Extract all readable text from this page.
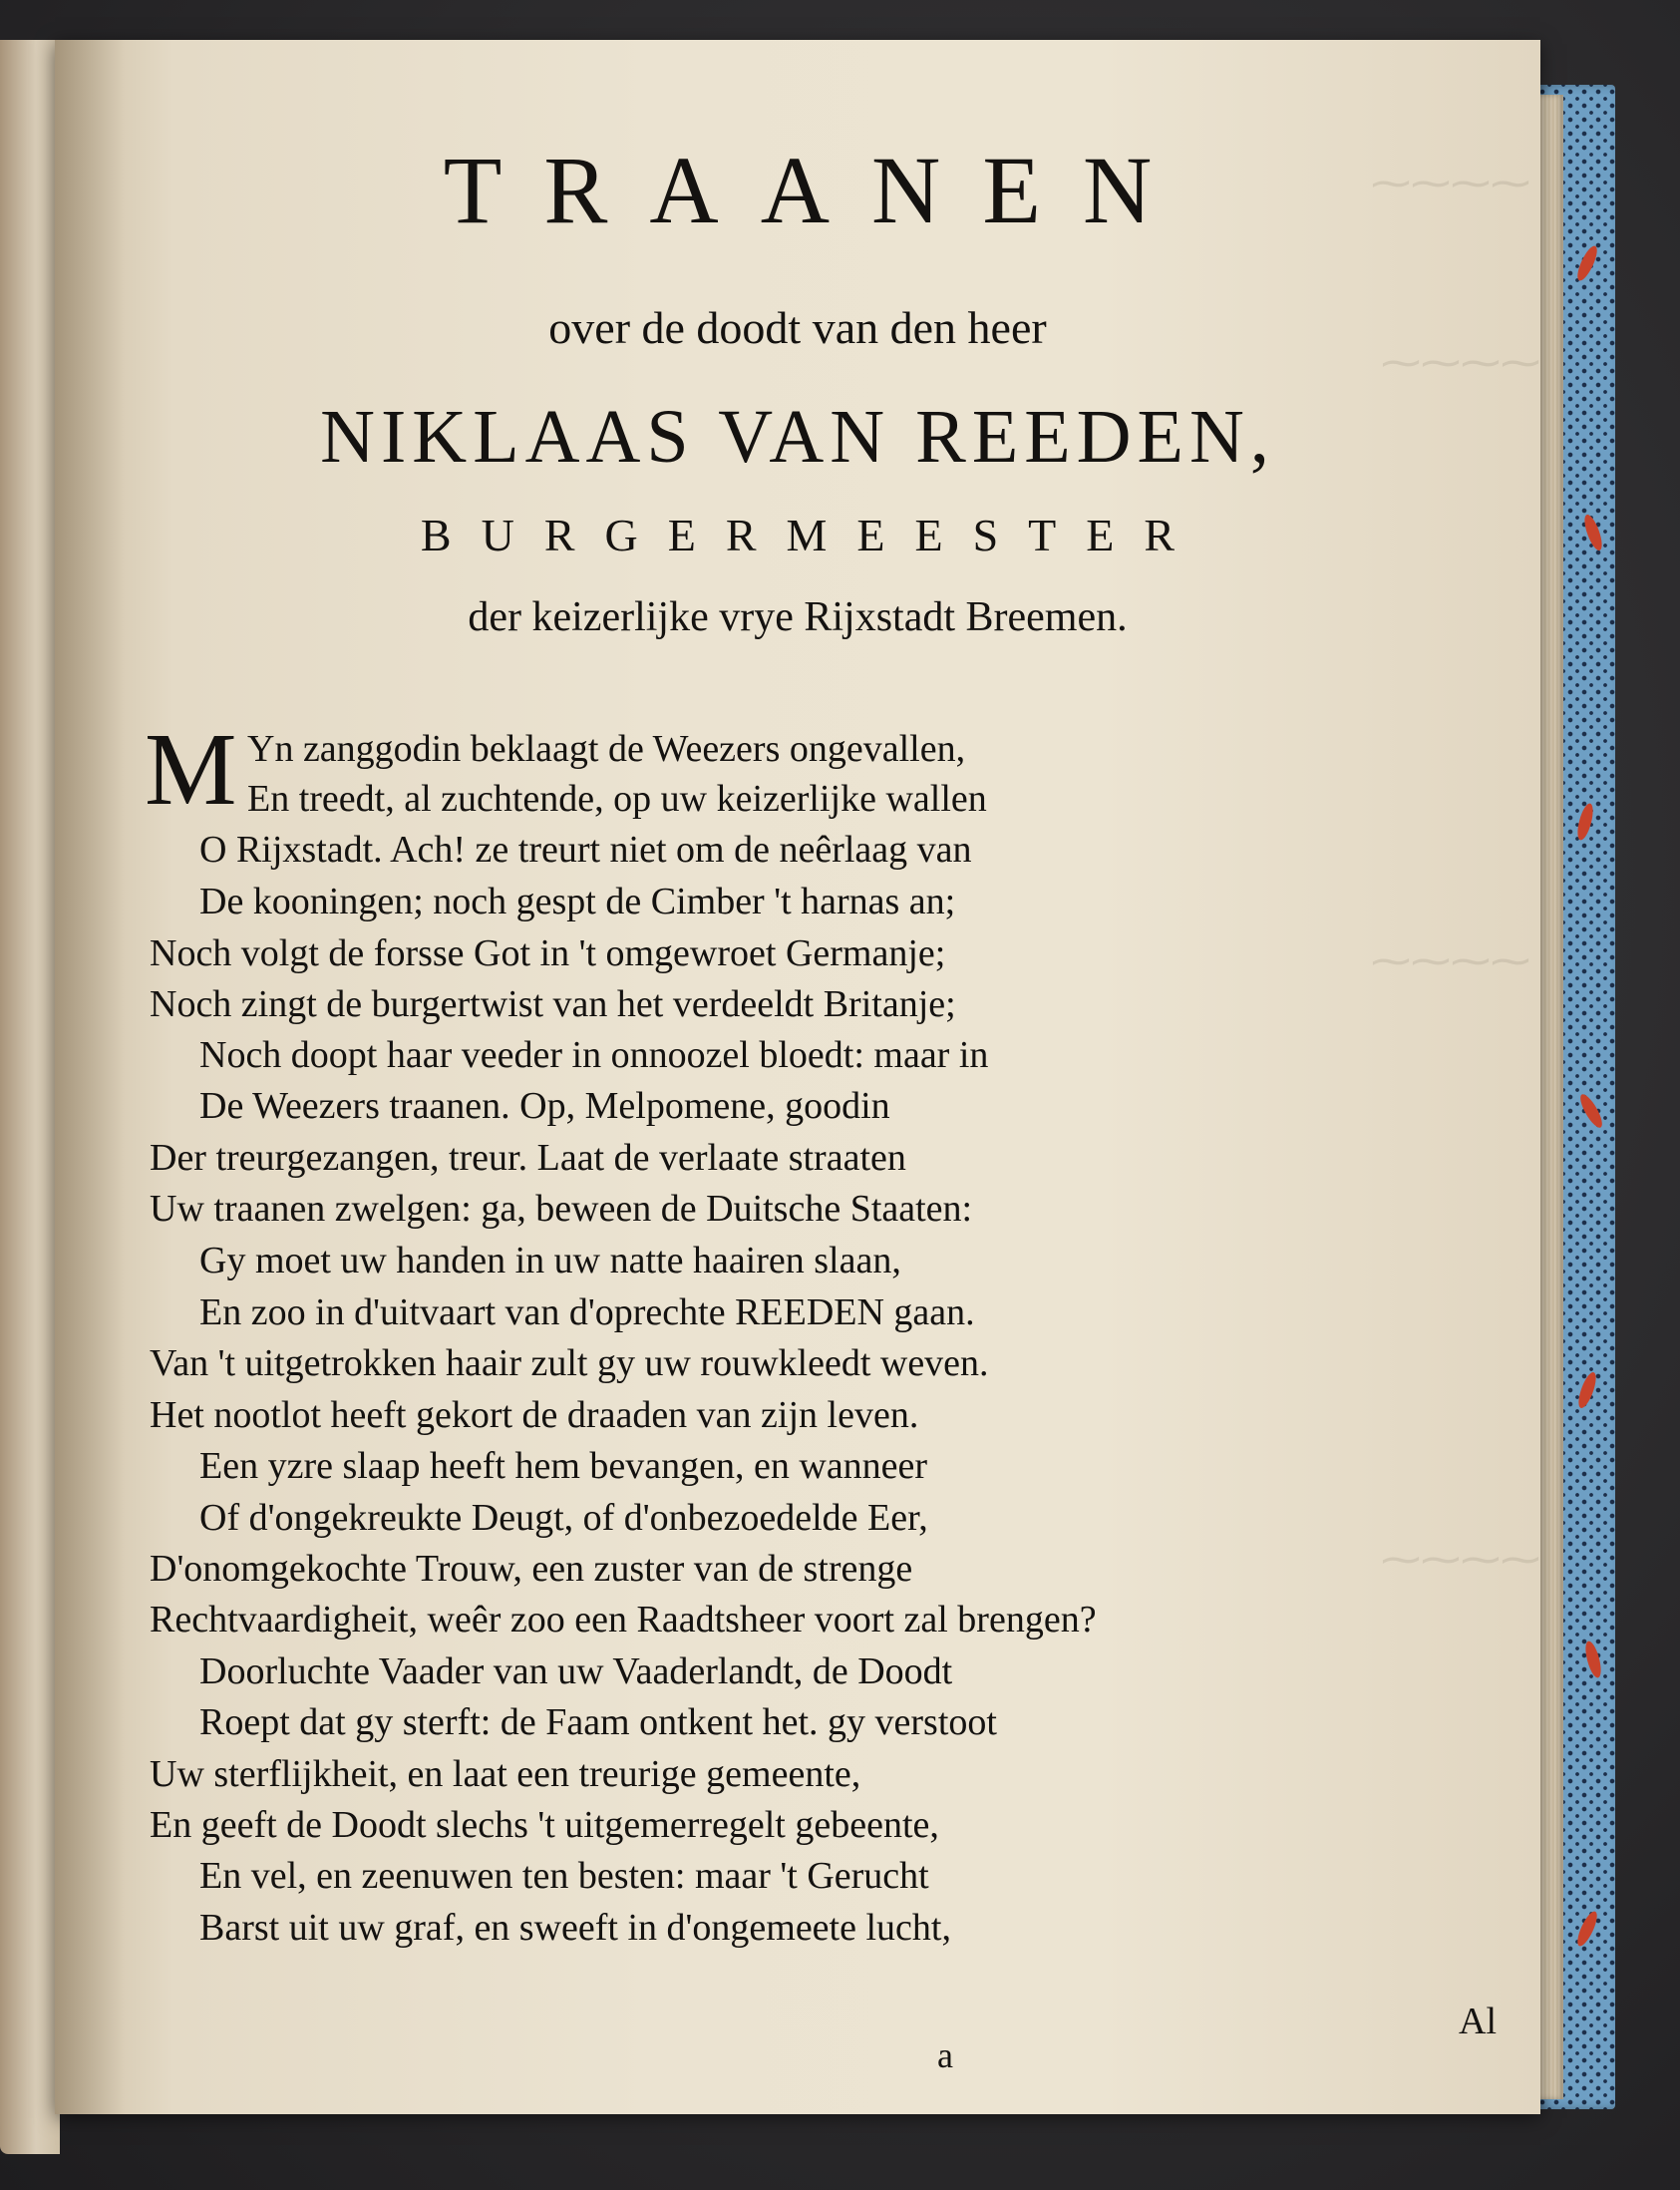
⁓⁓⁓⁓
⁓⁓⁓⁓
⁓⁓⁓⁓
⁓⁓⁓⁓
TRAANEN
over de doodt van den heer
NIKLAAS VAN REEDEN,
BURGERMEESTER
der keizerlijke vrye Rijxstadt Breemen.
M Yn zanggodin beklaagt de Weezers ongevallen,
En treedt, al zuchtende, op uw keizerlijke wallen
O Rijxstadt. Ach! ze treurt niet om de neêrlaag van
De kooningen; noch gespt de Cimber 't harnas an;
Noch volgt de forsse Got in 't omgewroet Germanje;
Noch zingt de burgertwist van het verdeeldt Britanje;
Noch doopt haar veeder in onnoozel bloedt: maar in
De Weezers traanen. Op, Melpomene, goodin
Der treurgezangen, treur. Laat de verlaate straaten
Uw traanen zwelgen: ga, beween de Duitsche Staaten:
Gy moet uw handen in uw natte haairen slaan,
En zoo in d'uitvaart van d'oprechte REEDEN gaan.
Van 't uitgetrokken haair zult gy uw rouwkleedt weven.
Het nootlot heeft gekort de draaden van zijn leven.
Een yzre slaap heeft hem bevangen, en wanneer
Of d'ongekreukte Deugt, of d'onbezoedelde Eer,
D'onomgekochte Trouw, een zuster van de strenge
Rechtvaardigheit, weêr zoo een Raadtsheer voort zal brengen?
Doorluchte Vaader van uw Vaaderlandt, de Doodt
Roept dat gy sterft: de Faam ontkent het. gy verstoot
Uw sterflijkheit, en laat een treurige gemeente,
En geeft de Doodt slechs 't uitgemerregelt gebeente,
En vel, en zeenuwen ten besten: maar 't Gerucht
Barst uit uw graf, en sweeft in d'ongemeete lucht,
a
Al
